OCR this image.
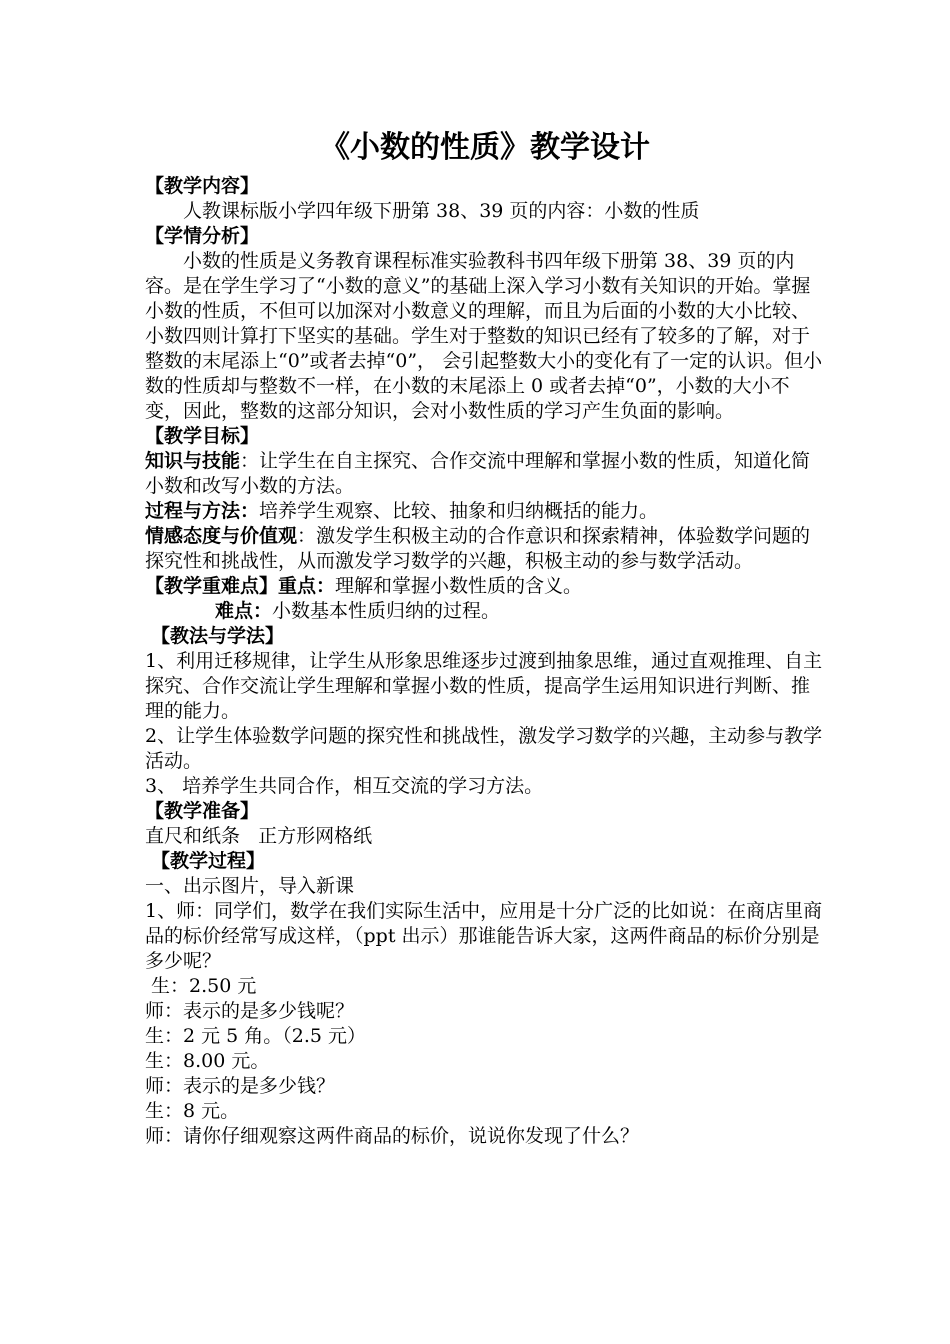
《小数的性质》教学设计
【教学内容】
人教课标版小学四年级下册第 38、39 页的内容：小数的性质
【学情分析】
小数的性质是义务教育课程标准实验教科书四年级下册第 38、39 页的内容。是在学生学习了“小数的意义”的基础上深入学习小数有关知识的开始。掌握小数的性质，不但可以加深对小数意义的理解，而且为后面的小数的大小比较、小数四则计算打下坚实的基础。学生对于整数的知识已经有了较多的了解，对于整数的末尾添上“0”或者去掉“0”， 会引起整数大小的变化有了一定的认识。但小数的性质却与整数不一样，在小数的末尾添上 0 或者去掉“0”，小数的大小不变，因此，整数的这部分知识，会对小数性质的学习产生负面的影响。
【教学目标】
知识与技能：让学生在自主探究、合作交流中理解和掌握小数的性质，知道化简小数和改写小数的方法。
过程与方法：培养学生观察、比较、抽象和归纳概括的能力。
情感态度与价值观：激发学生积极主动的合作意识和探索精神，体验数学问题的探究性和挑战性，从而激发学习数学的兴趣，积极主动的参与数学活动。
【教学重难点】重点：理解和掌握小数性质的含义。
难点：小数基本性质归纳的过程。
【教法与学法】
1、利用迁移规律，让学生从形象思维逐步过渡到抽象思维，通过直观推理、自主探究、合作交流让学生理解和掌握小数的性质，提高学生运用知识进行判断、推理的能力。
2、让学生体验数学问题的探究性和挑战性，激发学习数学的兴趣，主动参与教学活动。
3、 培养学生共同合作，相互交流的学习方法。
【教学准备】
直尺和纸条   正方形网格纸
【教学过程】
一、出示图片，导入新课
1、师：同学们，数学在我们实际生活中，应用是十分广泛的比如说：在商店里商品的标价经常写成这样，（ppt 出示）那谁能告诉大家，这两件商品的标价分别是多少呢？
生：2.50 元
师：表示的是多少钱呢？
生：2 元 5 角。（2.5 元）
生：8.00 元。
师：表示的是多少钱？
生：8 元。
师：请你仔细观察这两件商品的标价，说说你发现了什么？
